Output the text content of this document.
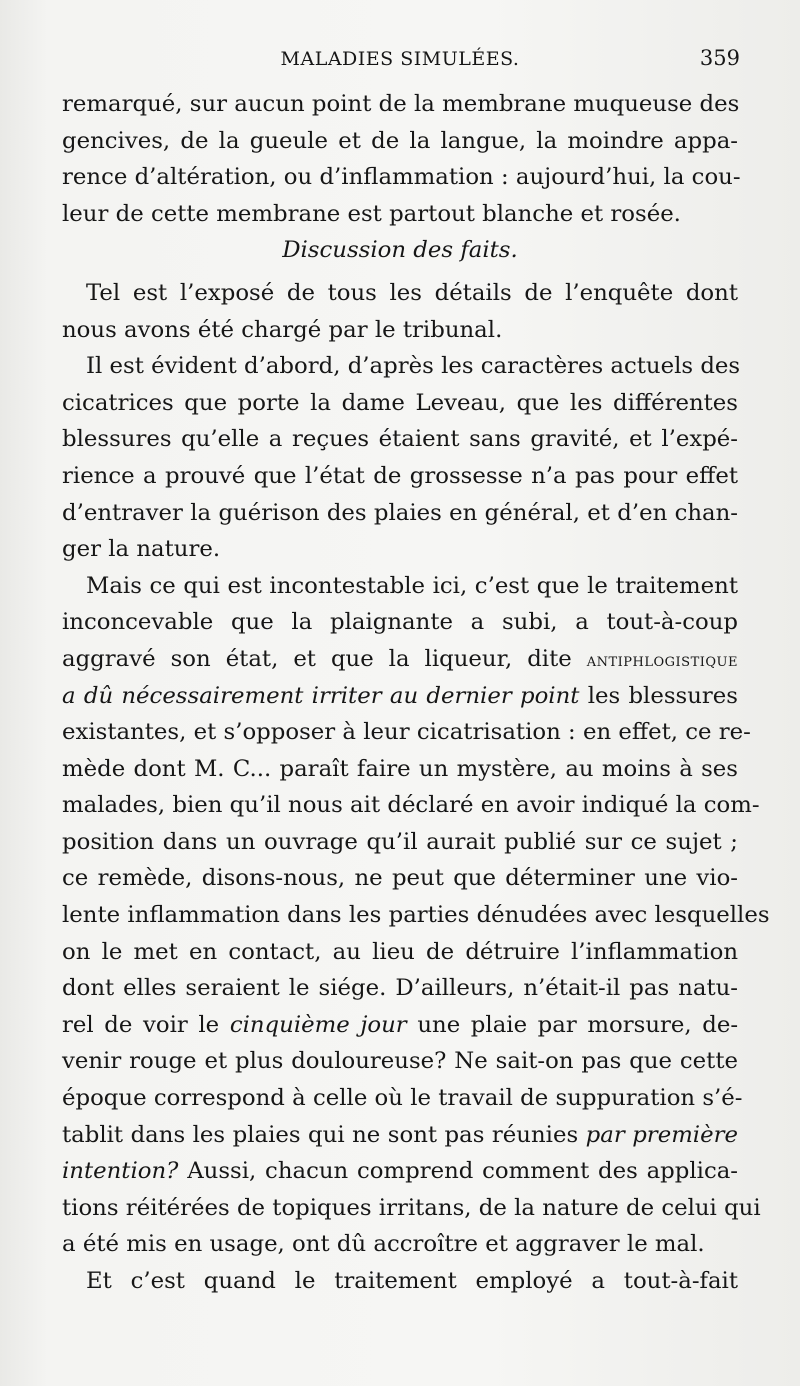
MALADIES SIMULÉES.	359
remarqué, sur aucun point de la membrane muqueuse des
gencives, de la gueule et de la langue, la moindre appa-
rence d’altération, ou d’inflammation : aujourd’hui, la cou-
leur de cette membrane est partout blanche et rosée.
Discussion des faits.
Tel est l’exposé de tous les détails de l’enquête dont
nous avons été chargé par le tribunal.
Il est évident d’abord, d’après les caractères actuels des
cicatrices que porte la dame Leveau, que les différentes
blessures qu’elle a reçues étaient sans gravité, et l’expé-
rience a prouvé que l’état de grossesse n’a pas pour effet
d’entraver la guérison des plaies en général, et d’en chan-
ger la nature.
Mais ce qui est incontestable ici, c’est que le traitement
inconcevable que la plaignante a subi, a tout-à-coup
aggravé son état, et que la liqueur, dite antiphlogistique
a dû nécessairement irriter au dernier point les blessures
existantes, et s’opposer à leur cicatrisation : en effet, ce re-
mède dont M. C... paraît faire un mystère, au moins à ses
malades, bien qu’il nous ait déclaré en avoir indiqué la com-
position dans un ouvrage qu’il aurait publié sur ce sujet ;
ce remède, disons-nous, ne peut que déterminer une vio-
lente inflammation dans les parties dénudées avec lesquelles
on le met en contact, au lieu de détruire l’inflammation
dont elles seraient le siége. D’ailleurs, n’était-il pas natu-
rel de voir le cinquième jour une plaie par morsure, de-
venir rouge et plus douloureuse? Ne sait-on pas que cette
époque correspond à celle où le travail de suppuration s’é-
tablit dans les plaies qui ne sont pas réunies par première
intention? Aussi, chacun comprend comment des applica-
tions réitérées de topiques irritans, de la nature de celui qui
a été mis en usage, ont dû accroître et aggraver le mal.
Et c’est quand le traitement employé a tout-à-fait
